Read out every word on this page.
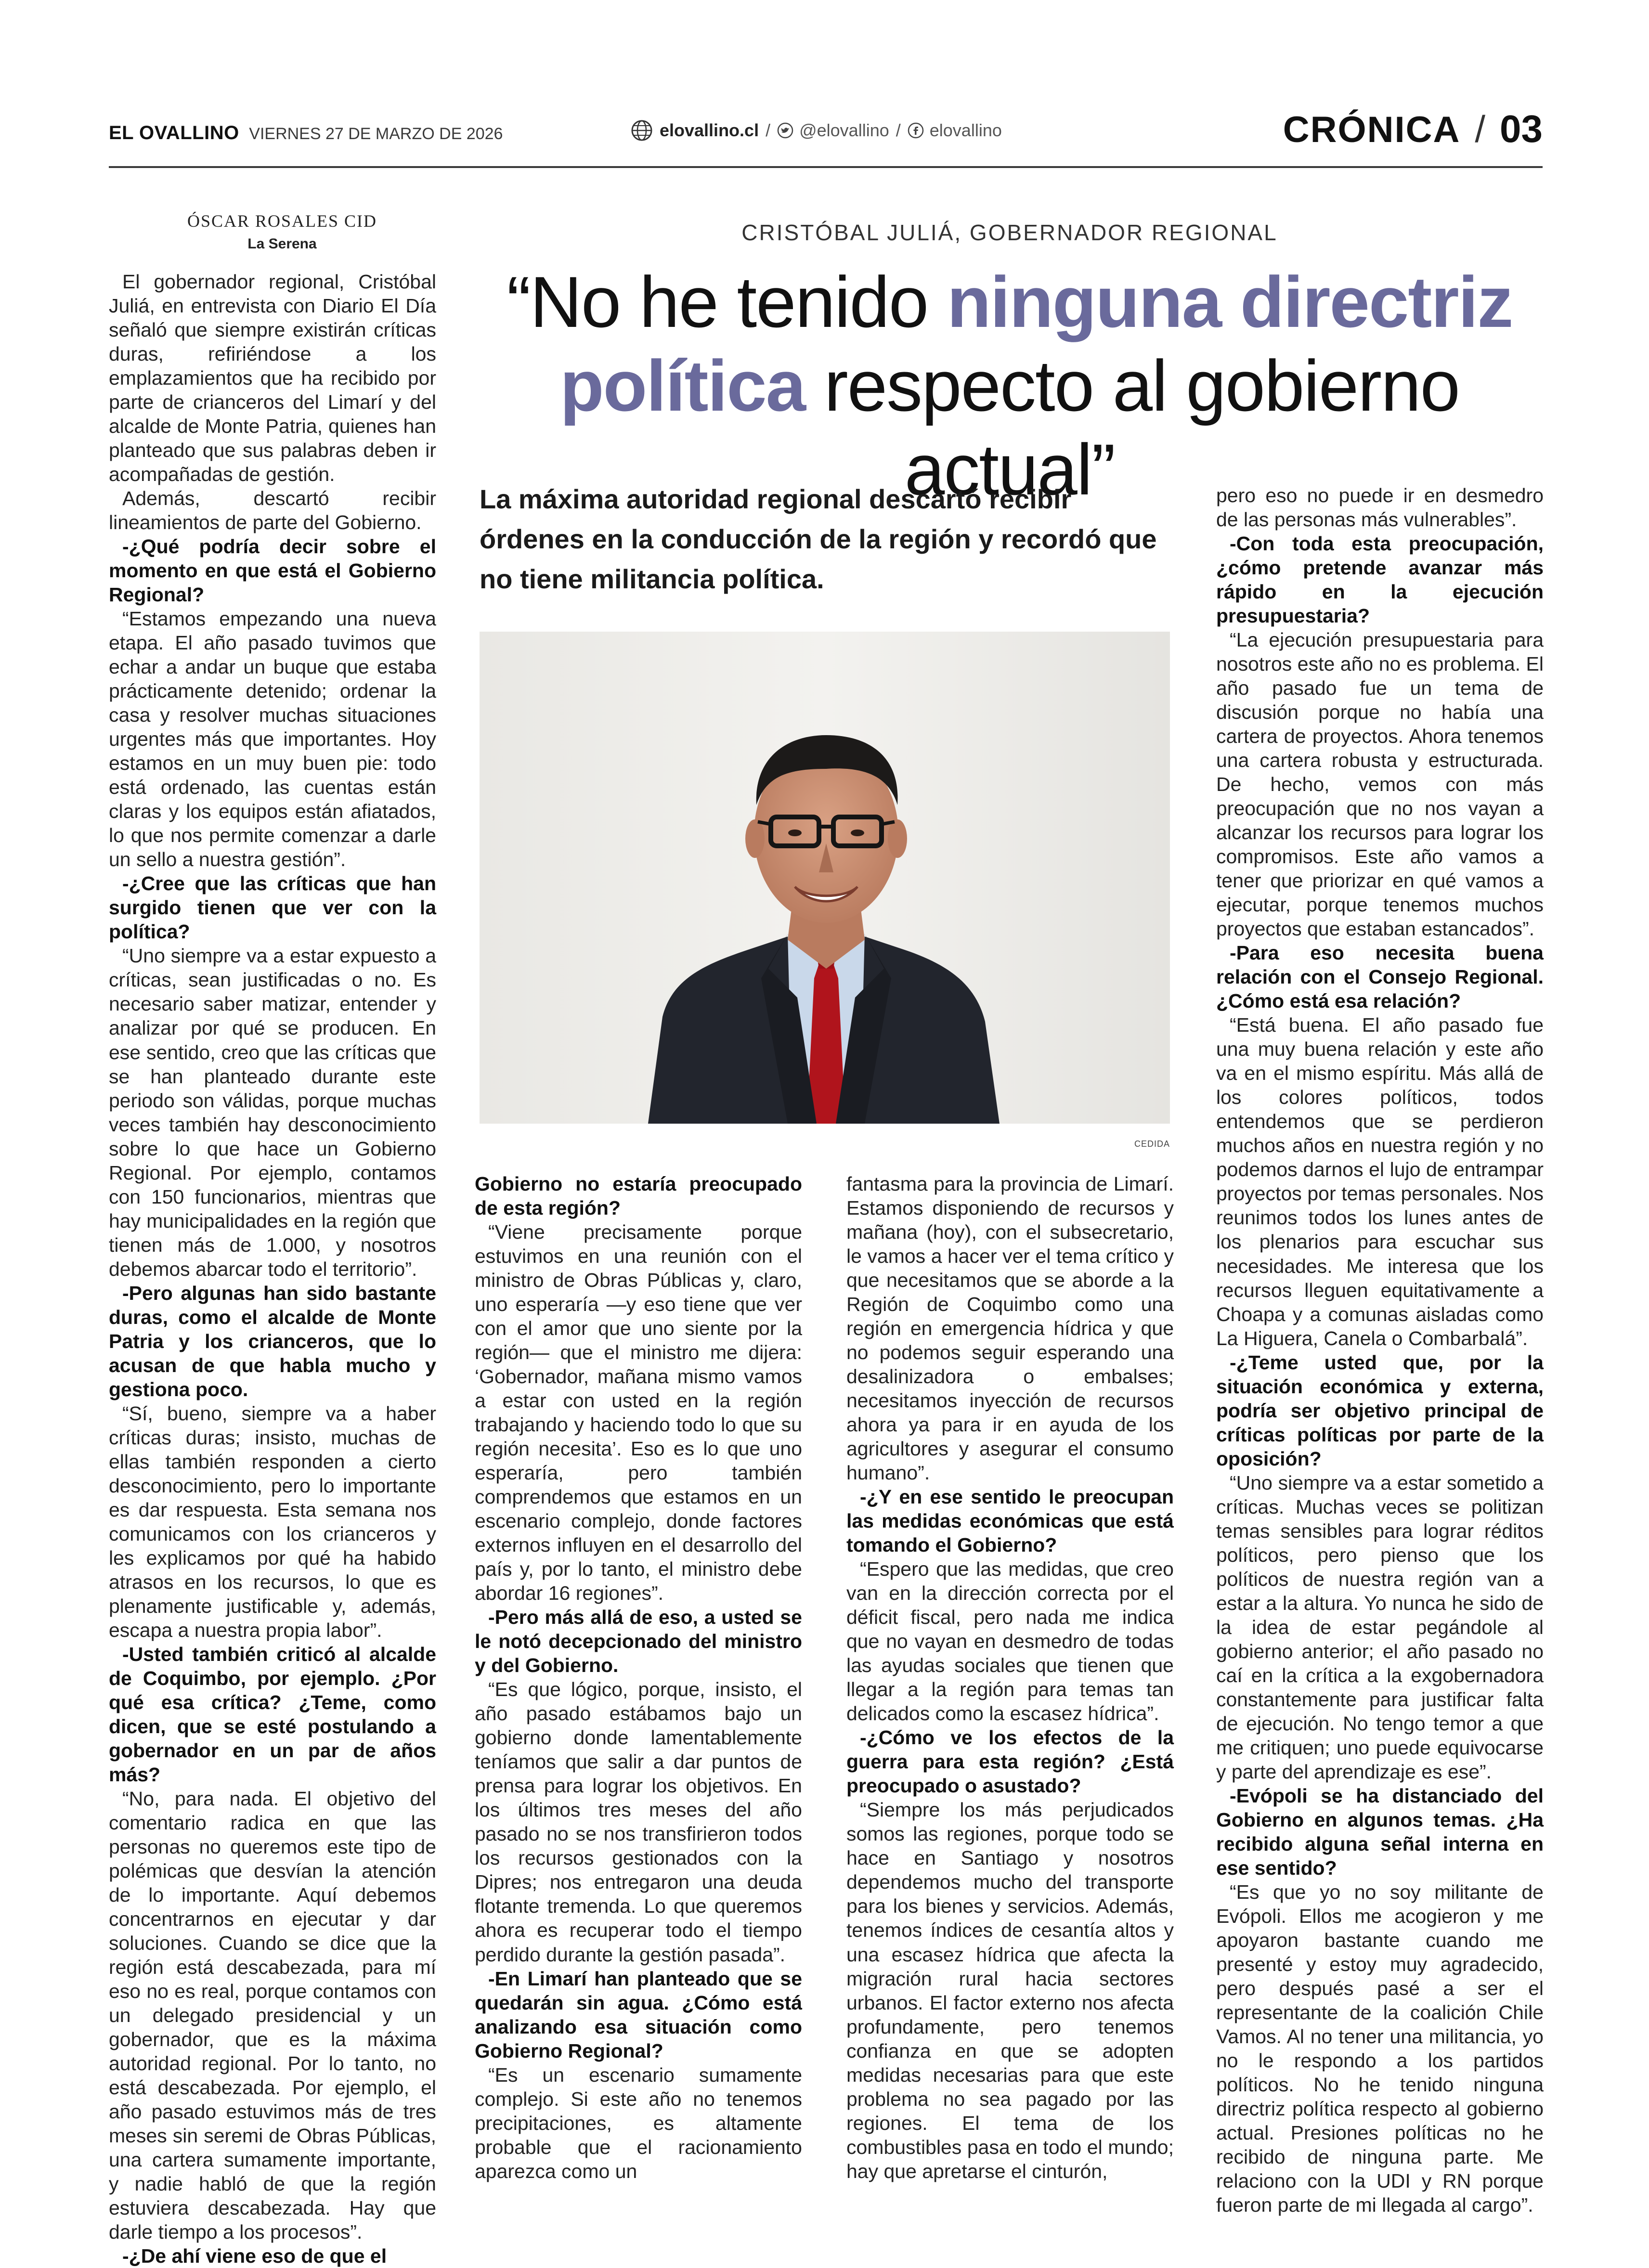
EL OVALLINO VIERNES 27 DE MARZO DE 2026	elovallino.cl / @elovallino / elovallino	CRÓNICA / 03
ÓSCAR ROSALES CID
La Serena	CRISTÓBAL JULIÁ, GOBERNADOR REGIONAL
“No he tenido ninguna directriz
política respecto al gobierno actual”
La máxima autoridad regional descartó recibir órdenes en la conducción de la región y recordó que no tiene militancia política.
CEDIDA

El gobernador regional, Cristóbal Juliá, en entrevista con Diario El Día señaló que siempre existirán críticas duras, refiriéndose a los emplazamientos que ha recibido por parte de crianceros del Limarí y del alcalde de Monte Patria, quienes han planteado que sus palabras deben ir acompañadas de gestión.

Además, descartó recibir lineamientos de parte del Gobierno.

-¿Qué podría decir sobre el momento en que está el Gobierno Regional?

“Estamos empezando una nueva etapa. El año pasado tuvimos que echar a andar un buque que estaba prácticamente detenido; ordenar la casa y resolver muchas situaciones urgentes más que importantes. Hoy estamos en un muy buen pie: todo está ordenado, las cuentas están claras y los equipos están afiatados, lo que nos permite comenzar a darle un sello a nuestra gestión”.

-¿Cree que las críticas que han surgido tienen que ver con la política?

“Uno siempre va a estar expuesto a críticas, sean justificadas o no. Es necesario saber matizar, entender y analizar por qué se producen. En ese sentido, creo que las críticas que se han planteado durante este periodo son válidas, porque muchas veces también hay desconocimiento sobre lo que hace un Gobierno Regional. Por ejemplo, contamos con 150 funcionarios, mientras que hay municipalidades en la región que tienen más de 1.000, y nosotros debemos abarcar todo el territorio”.

-Pero algunas han sido bastante duras, como el alcalde de Monte Patria y los crianceros, que lo acusan de que habla mucho y gestiona poco.

“Sí, bueno, siempre va a haber críticas duras; insisto, muchas de ellas también responden a cierto desconocimiento, pero lo importante es dar respuesta. Esta semana nos comunicamos con los crianceros y les explicamos por qué ha habido atrasos en los recursos, lo que es plenamente justificable y, además, escapa a nuestra propia labor”.

-Usted también criticó al alcalde de Coquimbo, por ejemplo. ¿Por qué esa crítica? ¿Teme, como dicen, que se esté postulando a gobernador en un par de años más?

“No, para nada. El objetivo del comentario radica en que las personas no queremos este tipo de polémicas que desvían la atención de lo importante. Aquí debemos concentrarnos en ejecutar y dar soluciones. Cuando se dice que la región está descabezada, para mí eso no es real, porque contamos con un delegado presidencial y un gobernador, que es la máxima autoridad regional. Por lo tanto, no está descabezada. Por ejemplo, el año pasado estuvimos más de tres meses sin seremi de Obras Públicas, una cartera sumamente importante, y nadie habló de que la región estuviera descabezada. Hay que darle tiempo a los procesos”.

-¿De ahí viene eso de que el

Gobierno no estaría preocupado de esta región?

“Viene precisamente porque estuvimos en una reunión con el ministro de Obras Públicas y, claro, uno esperaría —y eso tiene que ver con el amor que uno siente por la región— que el ministro me dijera: ‘Gobernador, mañana mismo vamos a estar con usted en la región trabajando y haciendo todo lo que su región necesita’. Eso es lo que uno esperaría, pero también comprendemos que estamos en un escenario complejo, donde factores externos influyen en el desarrollo del país y, por lo tanto, el ministro debe abordar 16 regiones”.

-Pero más allá de eso, a usted se le notó decepcionado del ministro y del Gobierno.

“Es que lógico, porque, insisto, el año pasado estábamos bajo un gobierno donde lamentablemente teníamos que salir a dar puntos de prensa para lograr los objetivos. En los últimos tres meses del año pasado no se nos transfirieron todos los recursos gestionados con la Dipres; nos entregaron una deuda flotante tremenda. Lo que queremos ahora es recuperar todo el tiempo perdido durante la gestión pasada”.

-En Limarí han planteado que se quedarán sin agua. ¿Cómo está analizando esa situación como Gobierno Regional?

“Es un escenario sumamente complejo. Si este año no tenemos precipitaciones, es altamente probable que el racionamiento aparezca como un

fantasma para la provincia de Limarí. Estamos disponiendo de recursos y mañana (hoy), con el subsecretario, le vamos a hacer ver el tema crítico y que necesitamos que se aborde a la Región de Coquimbo como una región en emergencia hídrica y que no podemos seguir esperando una desalinizadora o embalses; necesitamos inyección de recursos ahora ya para ir en ayuda de los agricultores y asegurar el consumo humano”.

-¿Y en ese sentido le preocupan las medidas económicas que está tomando el Gobierno?

“Espero que las medidas, que creo van en la dirección correcta por el déficit fiscal, pero nada me indica que no vayan en desmedro de todas las ayudas sociales que tienen que llegar a la región para temas tan delicados como la escasez hídrica”.

-¿Cómo ve los efectos de la guerra para esta región? ¿Está preocupado o asustado?

“Siempre los más perjudicados somos las regiones, porque todo se hace en Santiago y nosotros dependemos mucho del transporte para los bienes y servicios. Además, tenemos índices de cesantía altos y una escasez hídrica que afecta la migración rural hacia sectores urbanos. El factor externo nos afecta profundamente, pero tenemos confianza en que se adopten medidas necesarias para que este problema no sea pagado por las regiones. El tema de los combustibles pasa en todo el mundo; hay que apretarse el cinturón,

pero eso no puede ir en desmedro de las personas más vulnerables”.

-Con toda esta preocupación, ¿cómo pretende avanzar más rápido en la ejecución presupuestaria?

“La ejecución presupuestaria para nosotros este año no es problema. El año pasado fue un tema de discusión porque no había una cartera de proyectos. Ahora tenemos una cartera robusta y estructurada. De hecho, vemos con más preocupación que no nos vayan a alcanzar los recursos para lograr los compromisos. Este año vamos a tener que priorizar en qué vamos a ejecutar, porque tenemos muchos proyectos que estaban estancados”.

-Para eso necesita buena relación con el Consejo Regional. ¿Cómo está esa relación?

“Está buena. El año pasado fue una muy buena relación y este año va en el mismo espíritu. Más allá de los colores políticos, todos entendemos que se perdieron muchos años en nuestra región y no podemos darnos el lujo de entrampar proyectos por temas personales. Nos reunimos todos los lunes antes de los plenarios para escuchar sus necesidades. Me interesa que los recursos lleguen equitativamente a Choapa y a comunas aisladas como La Higuera, Canela o Combarbalá”.

-¿Teme usted que, por la situación económica y externa, podría ser objetivo principal de críticas políticas por parte de la oposición?

“Uno siempre va a estar sometido a críticas. Muchas veces se politizan temas sensibles para lograr réditos políticos, pero pienso que los políticos de nuestra región van a estar a la altura. Yo nunca he sido de la idea de estar pegándole al gobierno anterior; el año pasado no caí en la crítica a la exgobernadora constantemente para justificar falta de ejecución. No tengo temor a que me critiquen; uno puede equivocarse y parte del aprendizaje es ese”.

-Evópoli se ha distanciado del Gobierno en algunos temas. ¿Ha recibido alguna señal interna en ese sentido?

“Es que yo no soy militante de Evópoli. Ellos me acogieron y me apoyaron bastante cuando me presenté y estoy muy agradecido, pero después pasé a ser el representante de la coalición Chile Vamos. Al no tener una militancia, yo no le respondo a los partidos políticos. No he tenido ninguna directriz política respecto al gobierno actual. Presiones políticas no he recibido de ninguna parte. Me relaciono con la UDI y RN porque fueron parte de mi llegada al cargo”.
